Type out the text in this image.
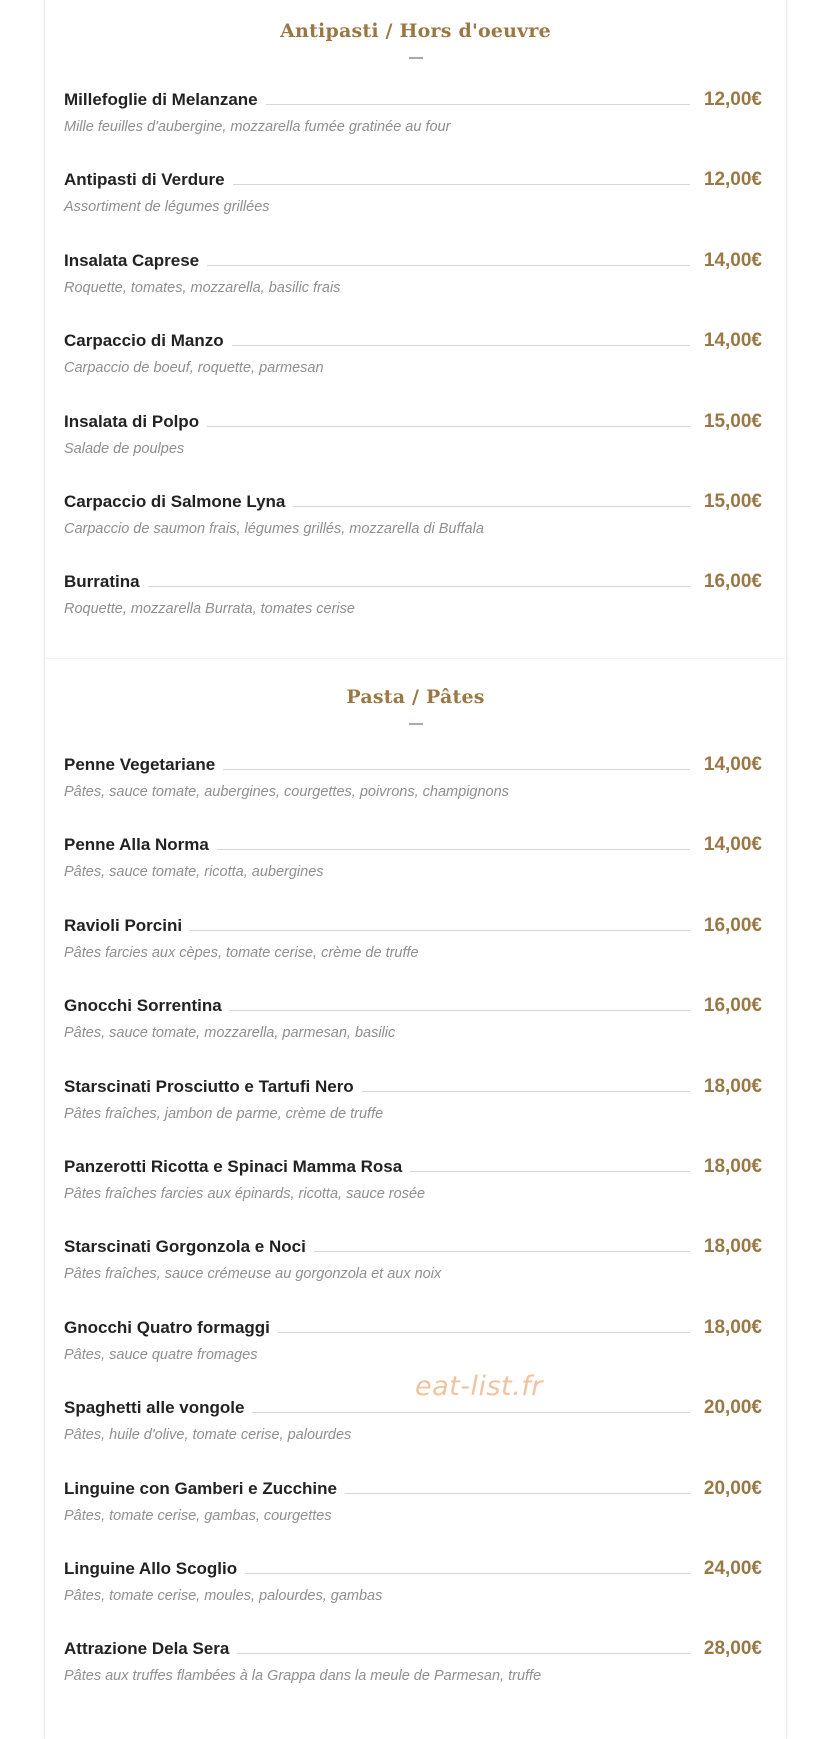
Antipasti / Hors d'oeuvre
Millefoglie di Melanzane	12,00€
Mille feuilles d'aubergine, mozzarella fumée gratinée au four
Antipasti di Verdure	12,00€
Assortiment de légumes grillées
Insalata Caprese	14,00€
Roquette, tomates, mozzarella, basilic frais
Carpaccio di Manzo	14,00€
Carpaccio de boeuf, roquette, parmesan
Insalata di Polpo	15,00€
Salade de poulpes
Carpaccio di Salmone Lyna	15,00€
Carpaccio de saumon frais, légumes grillés, mozzarella di Buffala
Burratina	16,00€
Roquette, mozzarella Burrata, tomates cerise
Pasta / Pâtes
Penne Vegetariane	14,00€
Pâtes, sauce tomate, aubergines, courgettes, poivrons, champignons
Penne Alla Norma	14,00€
Pâtes, sauce tomate, ricotta, aubergines
Ravioli Porcini	16,00€
Pâtes farcies aux cèpes, tomate cerise, crème de truffe
Gnocchi Sorrentina	16,00€
Pâtes, sauce tomate, mozzarella, parmesan, basilic
Starscinati Prosciutto e Tartufi Nero	18,00€
Pâtes fraîches, jambon de parme, crème de truffe
Panzerotti Ricotta e Spinaci Mamma Rosa	18,00€
Pâtes fraîches farcies aux épinards, ricotta, sauce rosée
Starscinati Gorgonzola e Noci	18,00€
Pâtes fraîches, sauce crémeuse au gorgonzola et aux noix
Gnocchi Quatro formaggi	18,00€
Pâtes, sauce quatre fromages
Spaghetti alle vongole	20,00€
Pâtes, huile d'olive, tomate cerise, palourdes
Linguine con Gamberi e Zucchine	20,00€
Pâtes, tomate cerise, gambas, courgettes
Linguine Allo Scoglio	24,00€
Pâtes, tomate cerise, moules, palourdes, gambas
Attrazione Dela Sera	28,00€
Pâtes aux truffes flambées à la Grappa dans la meule de Parmesan, truffe
eat-list.fr
